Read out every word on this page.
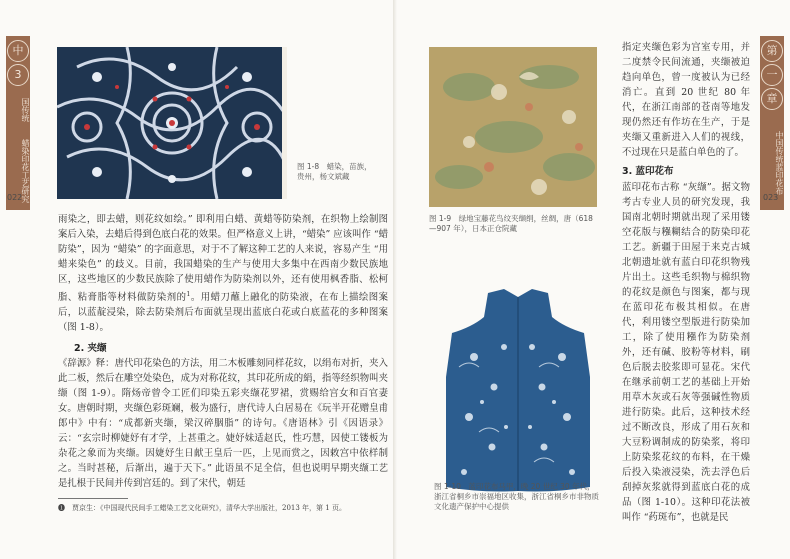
中
3
国传统
蜡染印花工艺研究
022
图 1-8　蜡染，苗族，贵州，杨文斌藏

雨染之，即去蜡，则花纹如绘。” 即利用白蜡、黄蜡等防染剂，在织物上绘制图案后入染，去蜡后得到色底白花的效果。但严格意义上讲，“蜡染” 应该叫作 “蜡防染”，因为 “蜡染” 的字面意思，对于不了解这种工艺的人来说，容易产生 “用蜡来染色” 的歧义。目前，我国蜡染的生产与使用大多集中在西南少数民族地区，这些地区的少数民族除了使用蜡作为防染剂以外，还有使用枫香脂、松柯脂、粘膏脂等材料做防染剂的$^1$。用蜡刀蘸上融化的防染液，在布上描绘图案后，以蓝靛浸染，除去防染剂后布面就呈现出蓝底白花或白底蓝花的多种图案（图 1-8）。

2. 夹缬

《辞源》释：唐代印花染色的方法，用二木板雕刻同样花纹，以绢布对折，夹入此二板，然后在雕空处染色，成为对称花纹，其印花所成的絹，指等经织物叫夹缬（图 1-9）。隋炀帝曾令工匠们印染五彩夹缬花罗裙，赏赐给宫女和百官妻女。唐朝时期，夹缬色彩斑斓，极为盛行，唐代诗人白居易在《玩半开花赠皇甫郎中》中有：“成都新夹缬，梁汉碎胭脂” 的诗句。《唐语林》引《因语录》云：“玄宗时柳婕妤有才学，上甚重之。婕妤妹适赵氏，性巧慧，因使工镂板为杂花之象而为夹缬。因婕妤生日献王皇后一匹，上见而赏之，因敕宫中依样制之。当时甚秘，后渐出，遍于天下。” 此语虽不足全信，但也说明早期夹缬工艺是扎根于民间并传到宫廷的。到了宋代，朝廷

❶　贾京生：《中国现代民间手工蜡染工艺文化研究》，清华大学出版社，2013 年，第 1 页。
图 1-9　绿地宝藤花鸟纹夹缬绢，丝绸，唐（618—907 年），日本正仓院藏
图 1-10　蓝印花布马甲，晚 20 世纪 30 年代，浙江省桐乡市崇福地区收集，浙江省桐乡市非物质文化遗产保护中心提供

指定夹缬色彩为宫室专用，并二度禁令民间流通，夹缬被迫趋向单色，曾一度被认为已经消亡。直到 20 世纪 80 年代，在浙江南部的苍南等地发现仍然还有作坊在生产，于是夹缬又重新进入人们的视线，不过现在只是蓝白单色的了。

3. 蓝印花布

蓝印花布古称 “灰缬”。据文物考古专业人员的研究发现，我国南北朝时期就出现了采用镂空花版与糨糊结合的防染印花工艺。新疆于田屋于来克古城北朝遗址就有蓝白印花织物残片出土。这些毛织物与棉织物的花纹是颜色与图案，都与现在蓝印花布极其相似。在唐代，利用镂空型版进行防染加工，除了使用糨作为防染剂外，还有碱、胶粉等材料，刷色后脱去胶浆即可显花。宋代在继承前朝工艺的基础上开始用草木灰或石灰等强碱性物质进行防染。此后，这种技术经过不断改良，形成了用石灰和大豆粉调制成的防染浆，将印上防染浆花纹的布料，在干燥后投入染液浸染，洗去浮色后刮掉灰浆就得到蓝底白花的成品（图 1-10）。这种印花法被叫作 “药斑布”，也就是民

第
一
章
中国传统蓝印花布
023
